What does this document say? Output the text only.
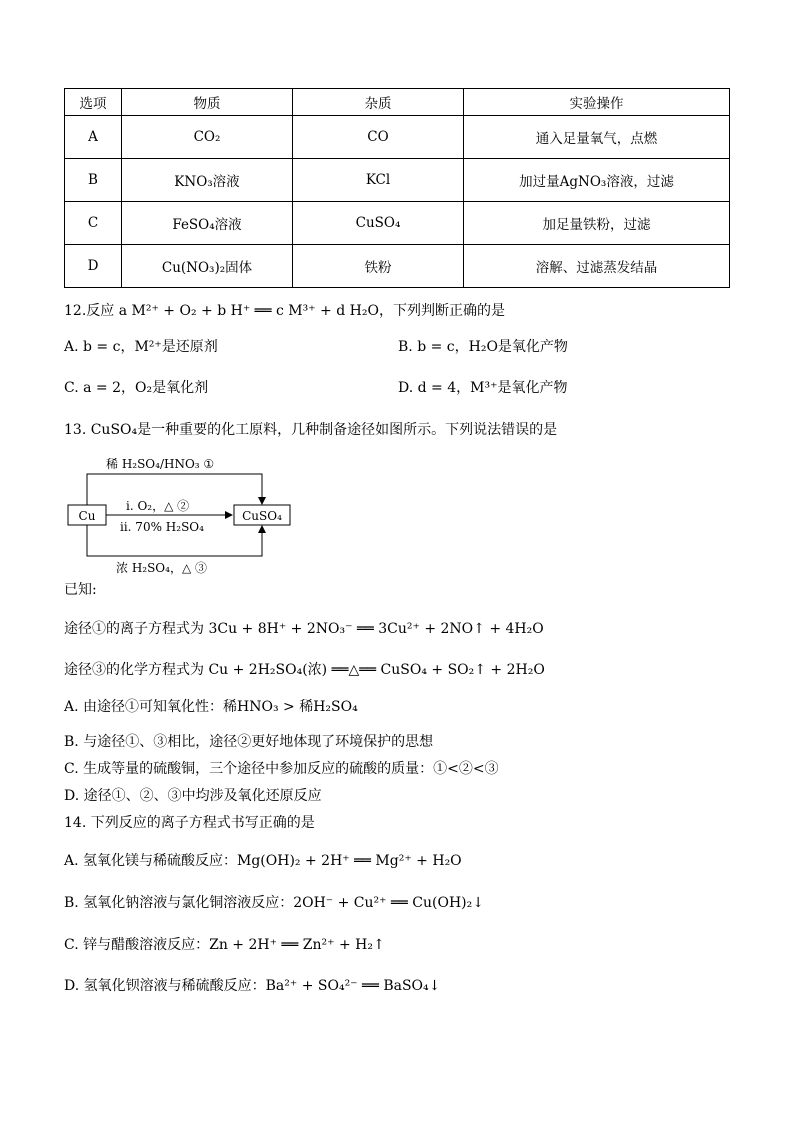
选项	物质	杂质	实验操作
A	CO₂	CO	通入足量氧气，点燃
B	KNO₃溶液	KCl	加过量AgNO₃溶液，过滤
C	FeSO₄溶液	CuSO₄	加足量铁粉，过滤
D	Cu(NO₃)₂固体	铁粉	溶解、过滤蒸发结晶
12.反应 a M²⁺ + O₂ + b H⁺ ══ c M³⁺ + d H₂O，下列判断正确的是
A. b = c，M²⁺是还原剂	B. b = c，H₂O是氧化产物
C. a = 2，O₂是氧化剂	D. d = 4，M³⁺是氧化产物
13. CuSO₄是一种重要的化工原料，几种制备途径如图所示。下列说法错误的是
Cu	CuSO₄
稀 H₂SO₄/HNO₃ ①
ⅰ. O₂，△ ②
ⅱ. 70% H₂SO₄
浓 H₂SO₄，△ ③
已知:
途径①的离子方程式为 3Cu + 8H⁺ + 2NO₃⁻ ══ 3Cu²⁺ + 2NO↑ + 4H₂O
途径③的化学方程式为 Cu + 2H₂SO₄(浓) ══△══ CuSO₄ + SO₂↑ + 2H₂O
A. 由途径①可知氧化性：稀HNO₃ > 稀H₂SO₄
B. 与途径①、③相比，途径②更好地体现了环境保护的思想
C. 生成等量的硫酸铜，三个途径中参加反应的硫酸的质量：①<②<③
D. 途径①、②、③中均涉及氧化还原反应
14. 下列反应的离子方程式书写正确的是
A. 氢氧化镁与稀硫酸反应：Mg(OH)₂ + 2H⁺ ══ Mg²⁺ + H₂O
B. 氢氧化钠溶液与氯化铜溶液反应：2OH⁻ + Cu²⁺ ══ Cu(OH)₂↓
C. 锌与醋酸溶液反应：Zn + 2H⁺ ══ Zn²⁺ + H₂↑
D. 氢氧化钡溶液与稀硫酸反应：Ba²⁺ + SO₄²⁻ ══ BaSO₄↓
